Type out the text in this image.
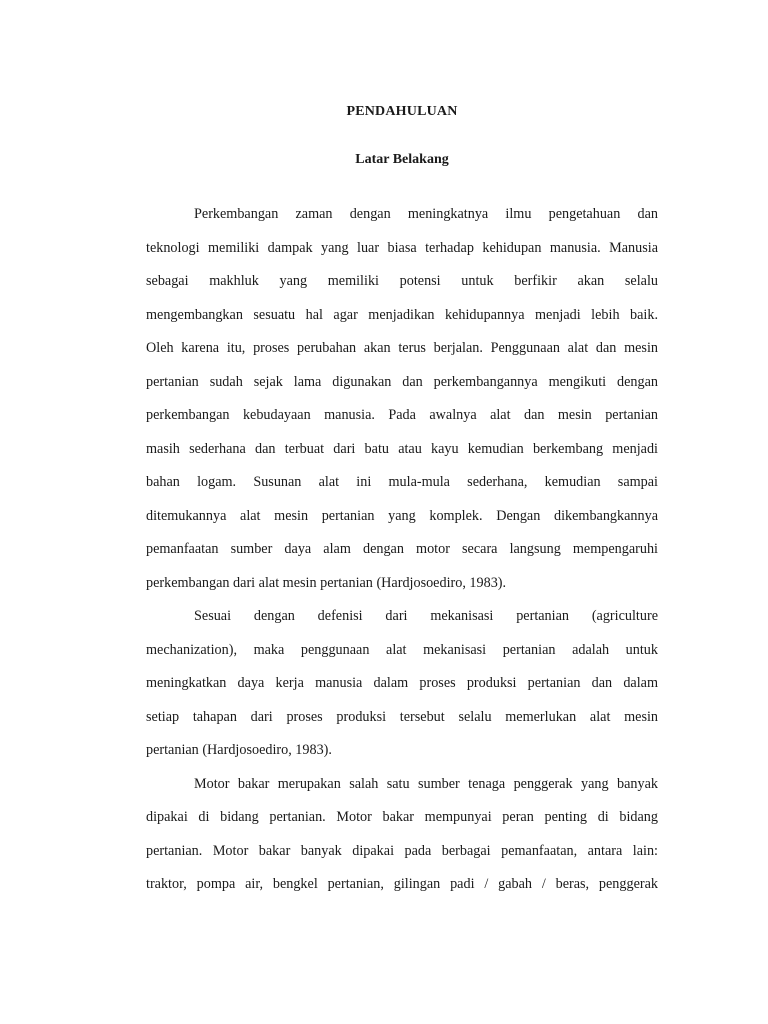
PENDAHULUAN
Latar Belakang
Perkembangan zaman dengan meningkatnya ilmu pengetahuan dan
teknologi memiliki dampak yang luar biasa terhadap kehidupan manusia. Manusia
sebagai makhluk yang memiliki potensi untuk berfikir akan selalu
mengembangkan sesuatu hal agar menjadikan kehidupannya menjadi lebih baik.
Oleh karena itu, proses perubahan akan terus berjalan. Penggunaan alat dan mesin
pertanian sudah sejak lama digunakan dan perkembangannya mengikuti dengan
perkembangan kebudayaan manusia. Pada awalnya alat dan mesin pertanian
masih sederhana dan terbuat dari batu atau kayu kemudian berkembang menjadi
bahan logam. Susunan alat ini mula-mula sederhana, kemudian sampai
ditemukannya alat mesin pertanian yang komplek. Dengan dikembangkannya
pemanfaatan sumber daya alam dengan motor secara langsung mempengaruhi
perkembangan dari alat mesin pertanian (Hardjosoediro, 1983).
Sesuai dengan defenisi dari mekanisasi pertanian (agriculture
mechanization), maka penggunaan alat mekanisasi pertanian adalah untuk
meningkatkan daya kerja manusia dalam proses produksi pertanian dan dalam
setiap tahapan dari proses produksi tersebut selalu memerlukan alat mesin
pertanian (Hardjosoediro, 1983).
Motor bakar merupakan salah satu sumber tenaga penggerak yang banyak
dipakai di bidang pertanian. Motor bakar mempunyai peran penting di bidang
pertanian. Motor bakar banyak dipakai pada berbagai pemanfaatan, antara lain:
traktor, pompa air, bengkel pertanian, gilingan padi / gabah / beras, penggerak
